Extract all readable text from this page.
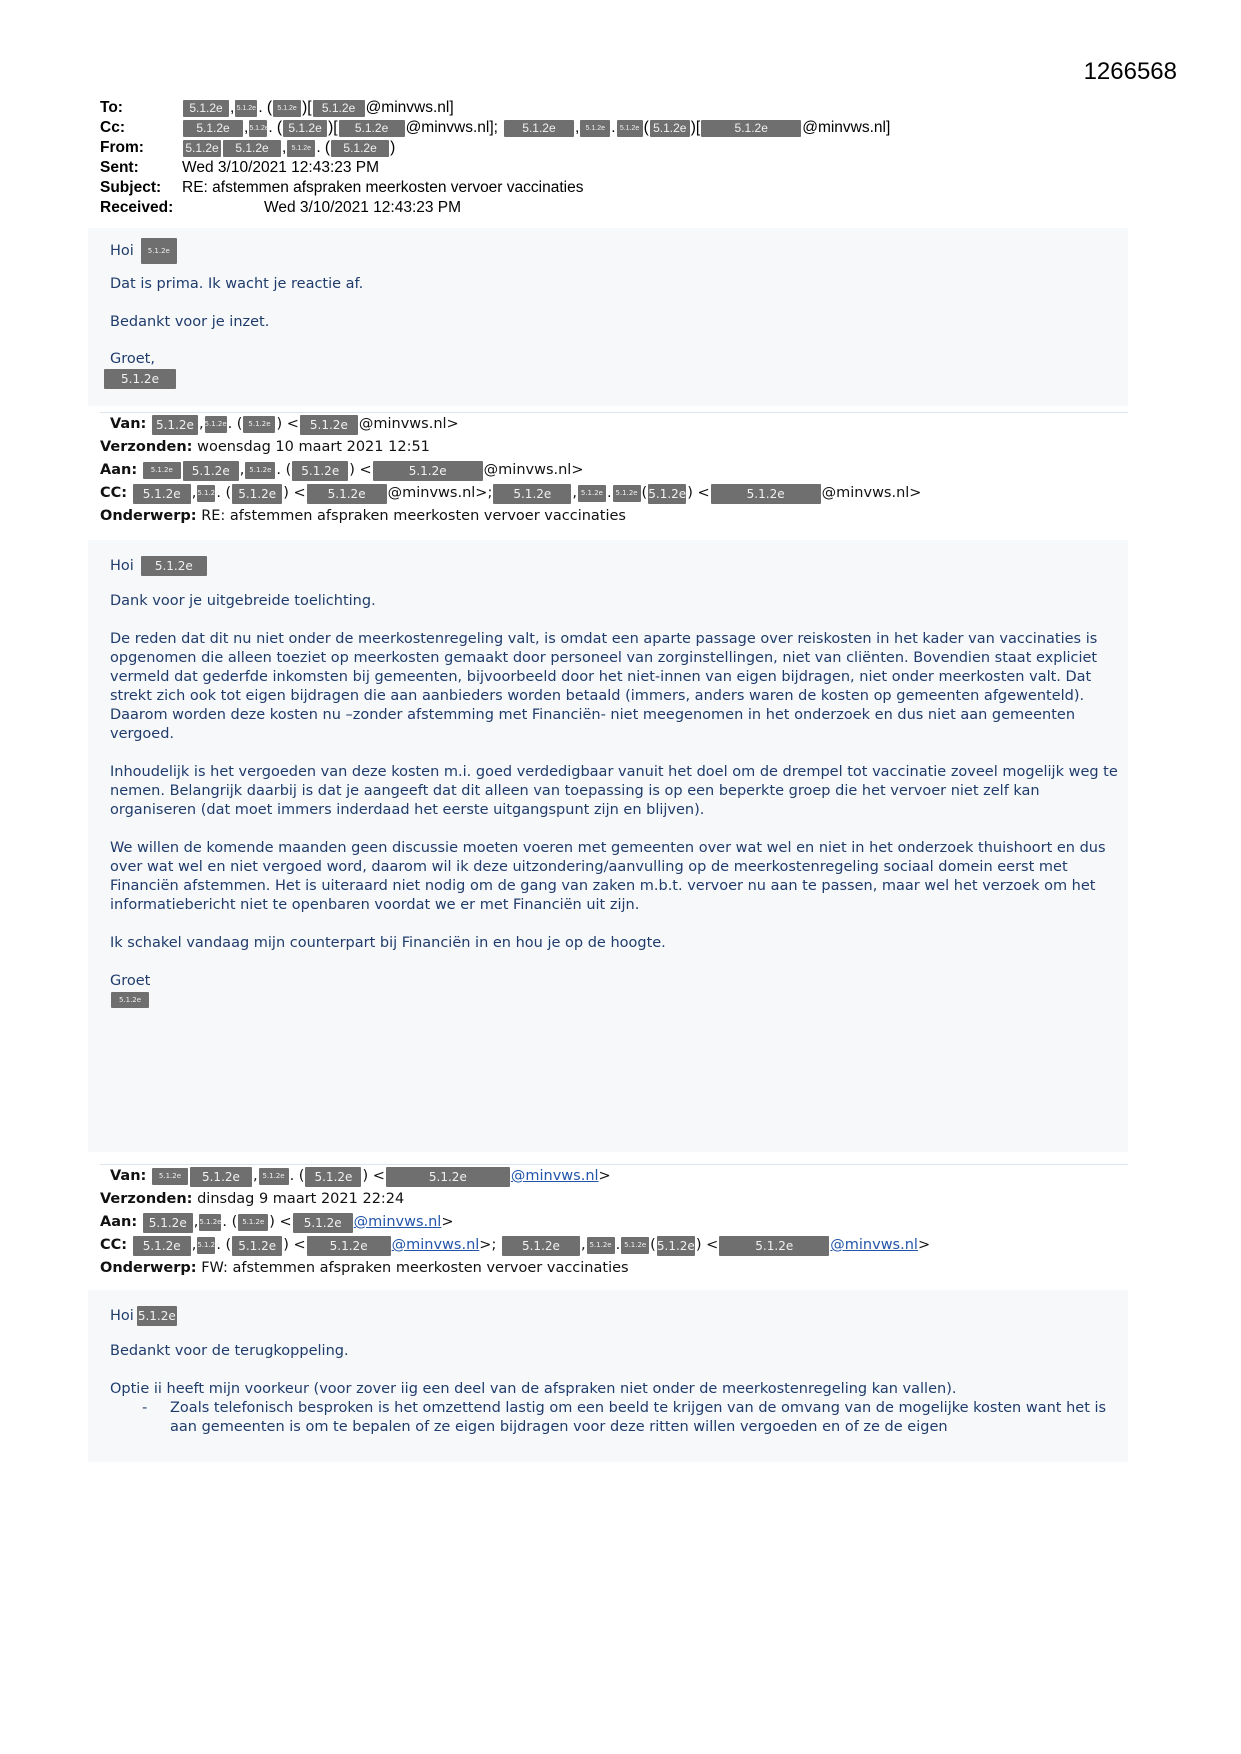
1266568
To:	5.1.2e , 5.1.2e . ( 5.1.2e )[ 5.1.2e @minvws.nl]
Cc:	5.1.2e , 5.1.2e . ( 5.1.2e )[	5.1.2e	@minvws.nl];	5.1.2e	, 5.1.2e . 5.1.2e ( 5.1.2e )[	5.1.2e	@minvws.nl]
From:	5.1.2e	5.1.2e , 5.1.2e . (	5.1.2e )
Sent:	Wed 3/10/2021 12:43:23 PM
Subject:	RE: afstemmen afspraken meerkosten vervoer vaccinaties
Received:	Wed 3/10/2021 12:43:23 PM

Hoi	5.1.2e

Dat is prima. Ik wacht je reactie af.

Bedankt voor je inzet.

Groet,

5.1.2e
Van:
5.1.2e , 5.1.2e . ( 5.1.2e ) < 5.1.2e @minvws.nl>
Verzonden:
woensdag 10 maart 2021 12:51
Aan:
	5.1.2e	5.1.2e , 5.1.2e . ( 5.1.2e ) <	5.1.2e	@minvws.nl>
CC:
	5.1.2e , 5.1.2e
. ( 5.1.2e ) <	5.1.2e	@minvws.nl>;	5.1.2e	, 5.1.2e . 5.1.2e ( 5.1.2e ) <	5.1.2e	@minvws.nl>
Onderwerp:
RE: afstemmen afspraken meerkosten vervoer vaccinaties

Hoi	5.1.2e

Dank voor je uitgebreide toelichting.

De reden dat dit nu niet onder de meerkostenregeling valt, is omdat een aparte passage over reiskosten in het kader van vaccinaties is opgenomen die alleen toeziet op meerkosten gemaakt door personeel van zorginstellingen, niet van cliënten. Bovendien staat expliciet vermeld dat gederfde inkomsten bij gemeenten, bijvoorbeeld door het niet-innen van eigen bijdragen, niet onder meerkosten valt. Dat strekt zich ook tot eigen bijdragen die aan aanbieders worden betaald (immers, anders waren de kosten op gemeenten afgewenteld). Daarom worden deze kosten nu –zonder afstemming met Financiën- niet meegenomen in het onderzoek en dus niet aan gemeenten vergoed.

Inhoudelijk is het vergoeden van deze kosten m.i. goed verdedigbaar vanuit het doel om de drempel tot vaccinatie zoveel mogelijk weg te nemen. Belangrijk daarbij is dat je aangeeft dat dit alleen van toepassing is op een beperkte groep die het vervoer niet zelf kan organiseren (dat moet immers inderdaad het eerste uitgangspunt zijn en blijven).

We willen de komende maanden geen discussie moeten voeren met gemeenten over wat wel en niet in het onderzoek thuishoort en dus over wat wel en niet vergoed word, daarom wil ik deze uitzondering/aanvulling op de meerkostenregeling sociaal domein eerst met Financiën afstemmen. Het is uiteraard niet nodig om de gang van zaken m.b.t. vervoer nu aan te passen, maar wel het verzoek om het informatiebericht niet te openbaren voordat we er met Financiën uit zijn.

Ik schakel vandaag mijn counterpart bij Financiën in en hou je op de hoogte.

Groet

5.1.2e
Van:
	5.1.2e	5.1.2e , 5.1.2e . ( 5.1.2e ) <	5.1.2e	@minvws.nl >
Verzonden:
dinsdag 9 maart 2021 22:24
Aan:
5.1.2e , 5.1.2e . ( 5.1.2e ) <	5.1.2e @minvws.nl >
CC:
	5.1.2e , 5.1.2e
. ( 5.1.2e ) <	5.1.2e	@minvws.nl >;
	5.1.2e	, 5.1.2e . 5.1.2e ( 5.1.2e ) <	5.1.2e	@minvws.nl >
Onderwerp:
FW: afstemmen afspraken meerkosten vervoer vaccinaties

Hoi 5.1.2e

Bedankt voor de terugkoppeling.

Optie ii heeft mijn voorkeur (voor zover iig een deel van de afspraken niet onder de meerkostenregeling kan vallen).

-	Zoals telefonisch besproken is het omzettend lastig om een beeld te krijgen van de omvang van de mogelijke kosten want het is aan gemeenten is om te bepalen of ze eigen bijdragen voor deze ritten willen vergoeden en of ze de eigen
